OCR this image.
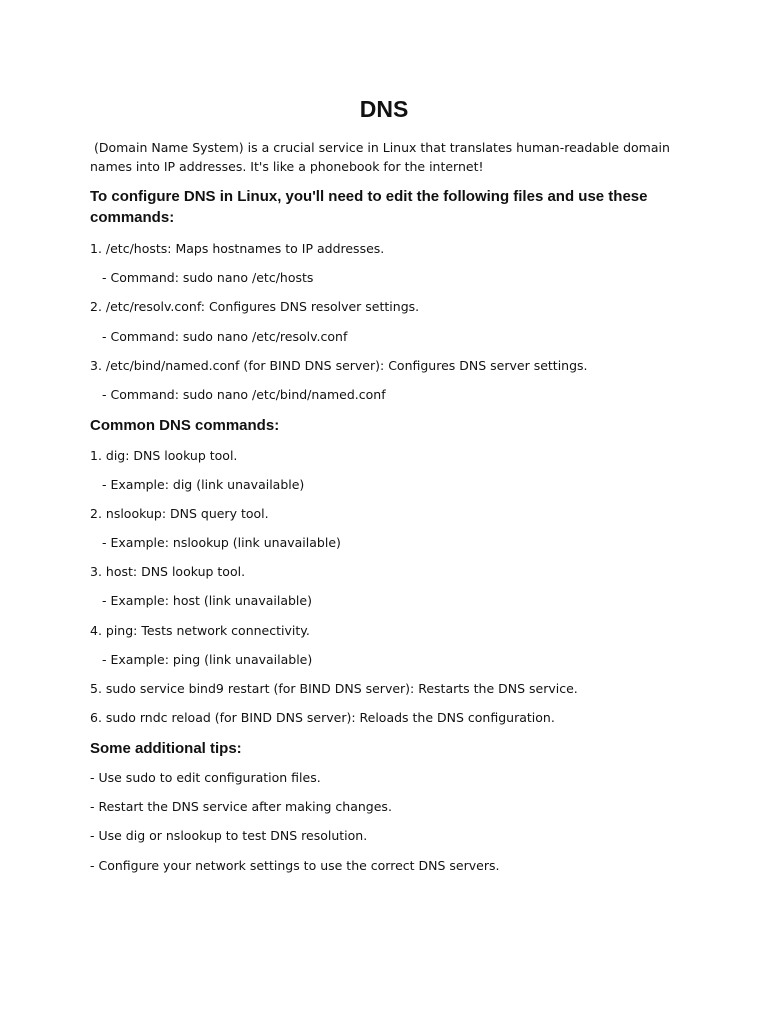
DNS

(Domain Name System) is a crucial service in Linux that translates human-readable domain names into IP addresses. It's like a phonebook for the internet!

To configure DNS in Linux, you'll need to edit the following files and use these commands:

1. /etc/hosts: Maps hostnames to IP addresses.

- Command: sudo nano /etc/hosts

2. /etc/resolv.conf: Configures DNS resolver settings.

- Command: sudo nano /etc/resolv.conf

3. /etc/bind/named.conf (for BIND DNS server): Configures DNS server settings.

- Command: sudo nano /etc/bind/named.conf

Common DNS commands:

1. dig: DNS lookup tool.

- Example: dig (link unavailable)

2. nslookup: DNS query tool.

- Example: nslookup (link unavailable)

3. host: DNS lookup tool.

- Example: host (link unavailable)

4. ping: Tests network connectivity.

- Example: ping (link unavailable)

5. sudo service bind9 restart (for BIND DNS server): Restarts the DNS service.

6. sudo rndc reload (for BIND DNS server): Reloads the DNS configuration.

Some additional tips:

- Use sudo to edit configuration files.

- Restart the DNS service after making changes.

- Use dig or nslookup to test DNS resolution.

- Configure your network settings to use the correct DNS servers.
